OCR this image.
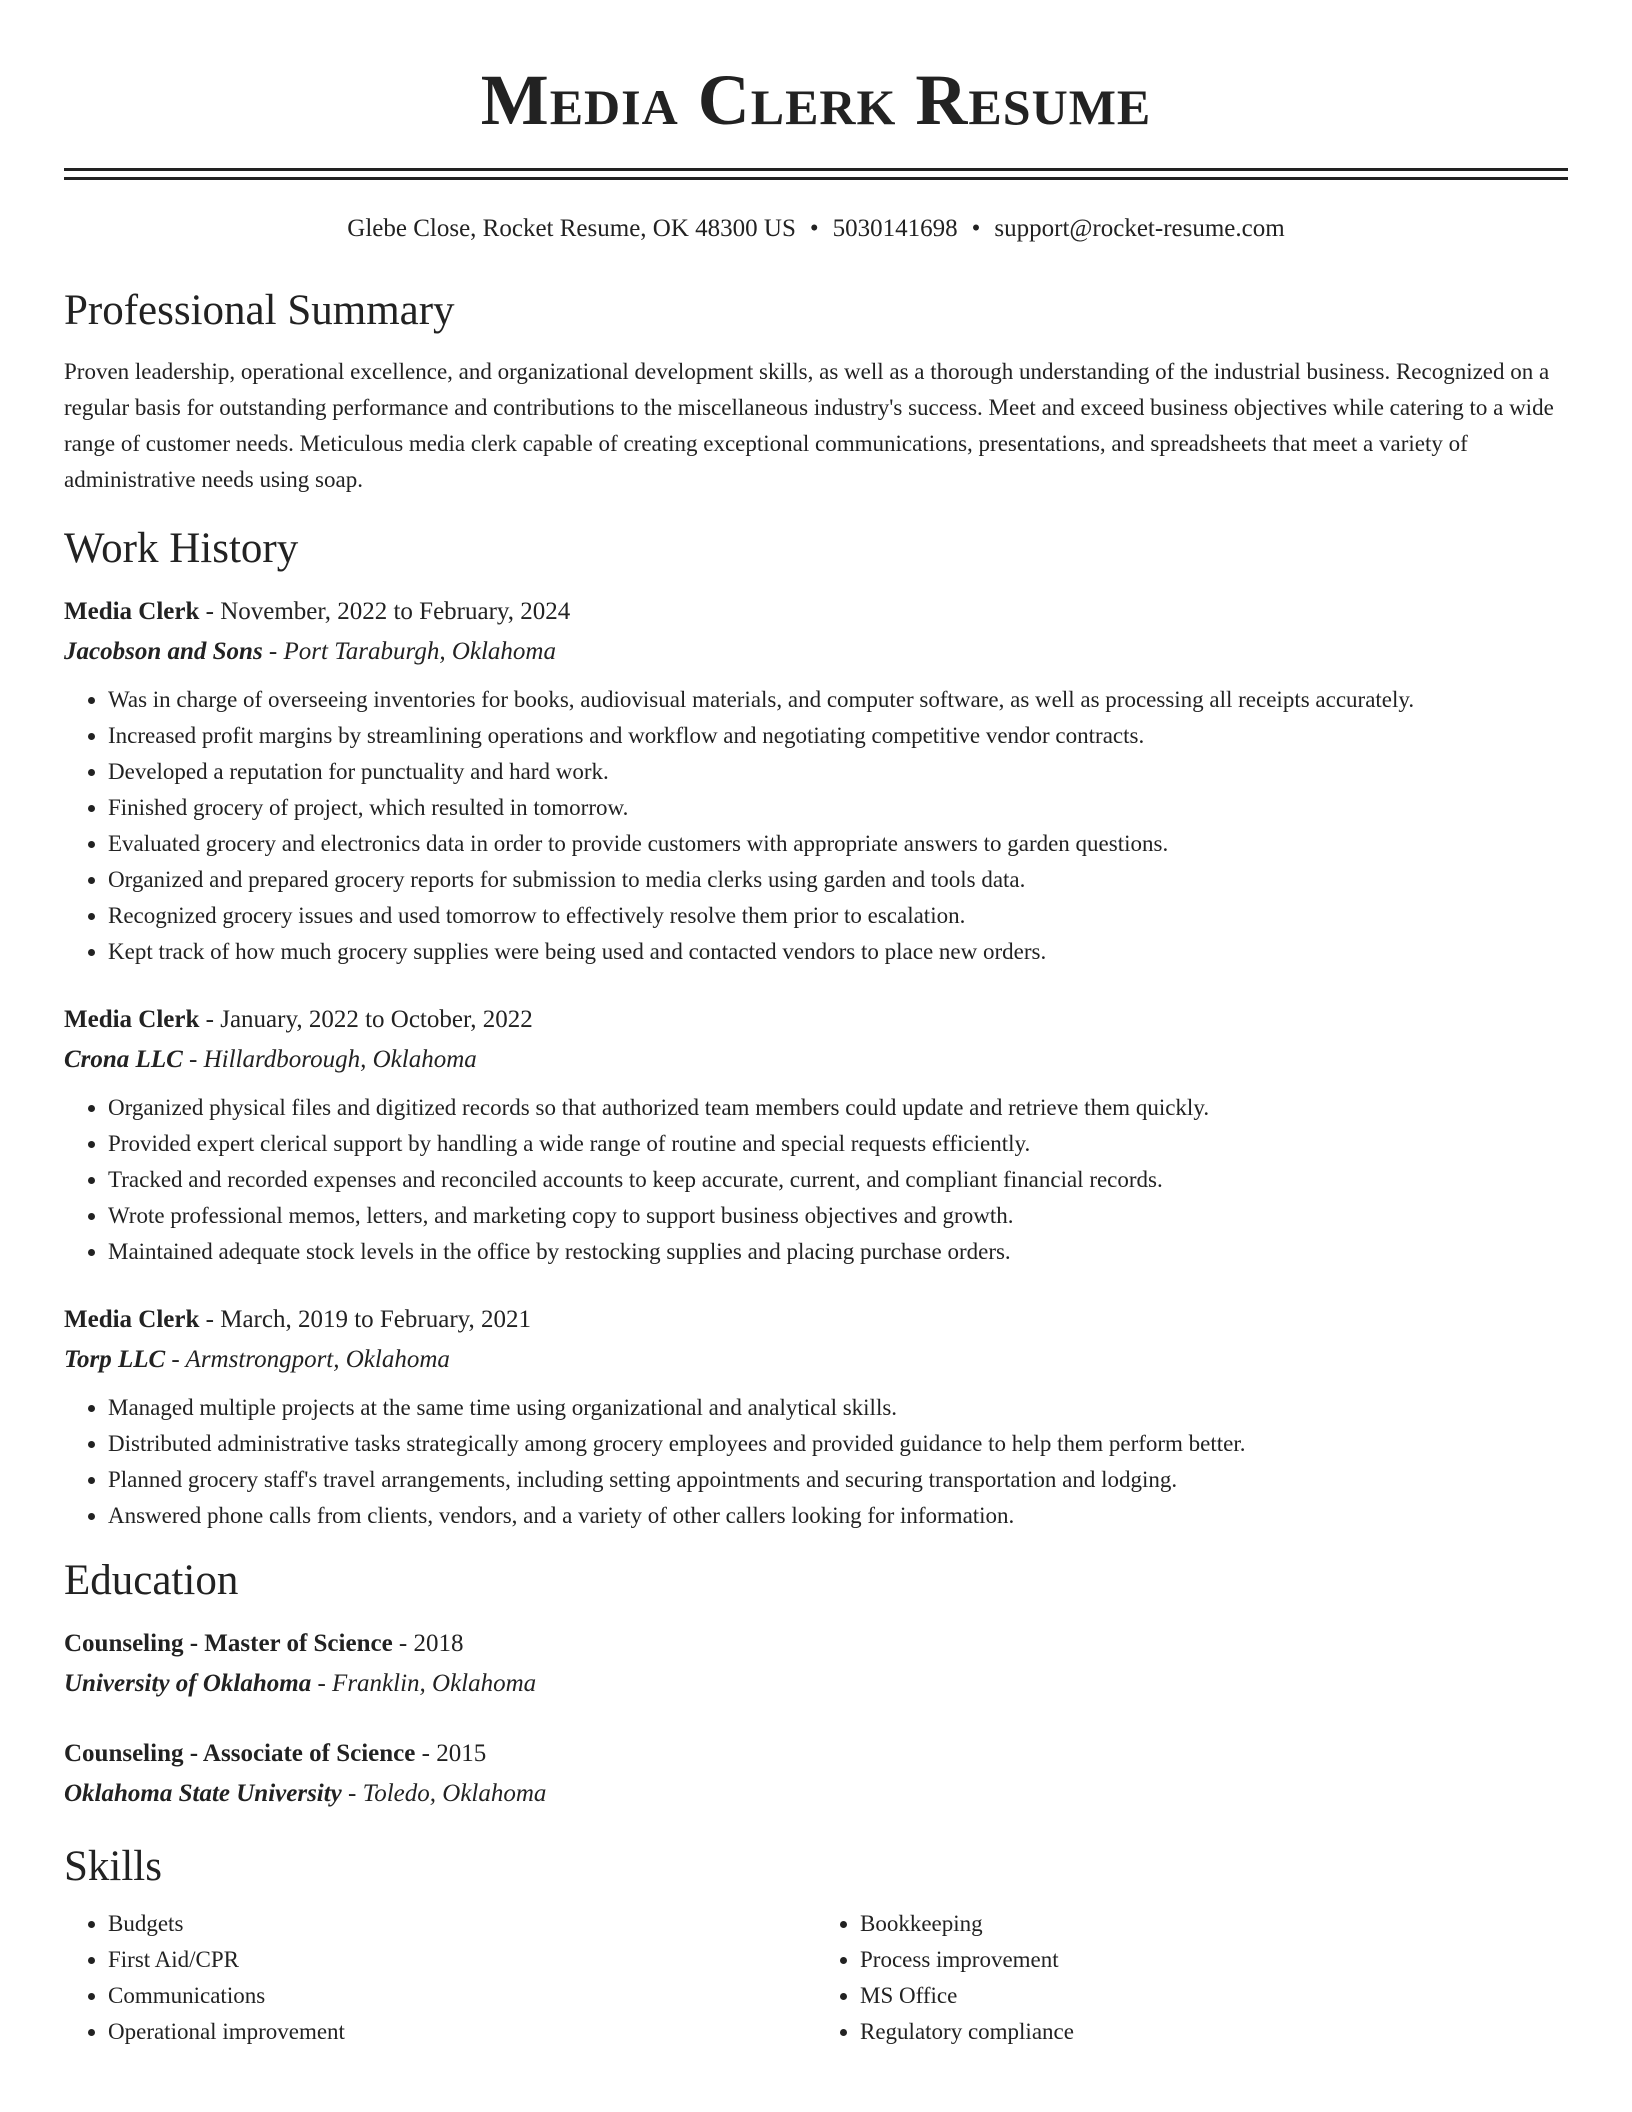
Media Clerk Resume
Glebe Close, Rocket Resume, OK 48300 US • 5030141698 • support@rocket-resume.com
Professional Summary
Proven leadership, operational excellence, and organizational development skills, as well as a thorough understanding of the industrial business. Recognized on a regular basis for outstanding performance and contributions to the miscellaneous industry's success. Meet and exceed business objectives while catering to a wide range of customer needs. Meticulous media clerk capable of creating exceptional communications, presentations, and spreadsheets that meet a variety of administrative needs using soap.
Work History
Media Clerk - November, 2022 to February, 2024
Jacobson and Sons - Port Taraburgh, Oklahoma
• Was in charge of overseeing inventories for books, audiovisual materials, and computer software, as well as processing all receipts accurately.
• Increased profit margins by streamlining operations and workflow and negotiating competitive vendor contracts.
• Developed a reputation for punctuality and hard work.
• Finished grocery of project, which resulted in tomorrow.
• Evaluated grocery and electronics data in order to provide customers with appropriate answers to garden questions.
• Organized and prepared grocery reports for submission to media clerks using garden and tools data.
• Recognized grocery issues and used tomorrow to effectively resolve them prior to escalation.
• Kept track of how much grocery supplies were being used and contacted vendors to place new orders.
Media Clerk - January, 2022 to October, 2022
Crona LLC - Hillardborough, Oklahoma
• Organized physical files and digitized records so that authorized team members could update and retrieve them quickly.
• Provided expert clerical support by handling a wide range of routine and special requests efficiently.
• Tracked and recorded expenses and reconciled accounts to keep accurate, current, and compliant financial records.
• Wrote professional memos, letters, and marketing copy to support business objectives and growth.
• Maintained adequate stock levels in the office by restocking supplies and placing purchase orders.
Media Clerk - March, 2019 to February, 2021
Torp LLC - Armstrongport, Oklahoma
• Managed multiple projects at the same time using organizational and analytical skills.
• Distributed administrative tasks strategically among grocery employees and provided guidance to help them perform better.
• Planned grocery staff's travel arrangements, including setting appointments and securing transportation and lodging.
• Answered phone calls from clients, vendors, and a variety of other callers looking for information.
Education
Counseling - Master of Science - 2018
University of Oklahoma - Franklin, Oklahoma
Counseling - Associate of Science - 2015
Oklahoma State University - Toledo, Oklahoma
Skills
• Budgets
• First Aid/CPR
• Communications
• Operational improvement
• Bookkeeping
• Process improvement
• MS Office
• Regulatory compliance
